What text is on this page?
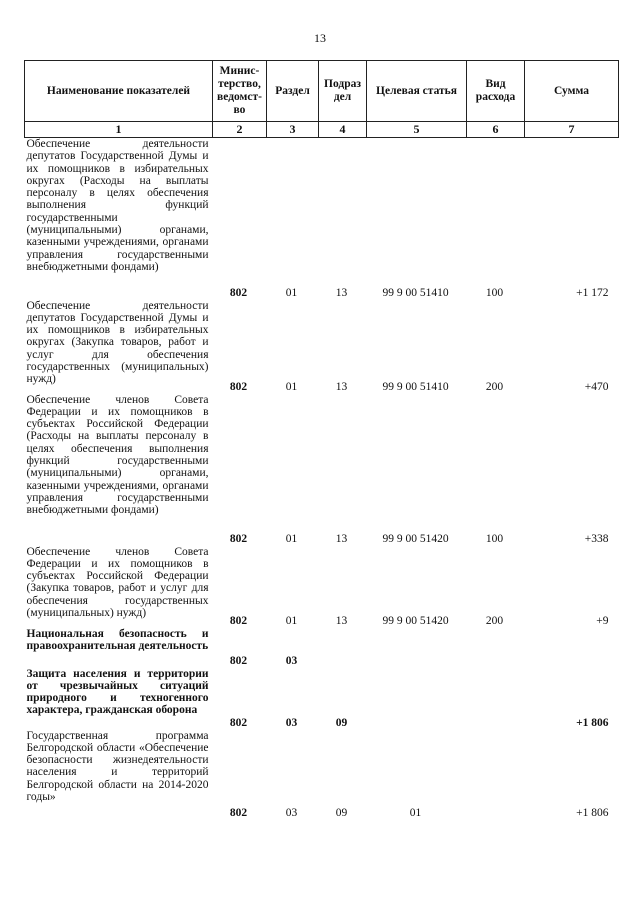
13
Наименование показателей	Минис-терство, ведомст-во	Раздел	Подраз дел	Целевая статья	Вид расхода	Сумма
1	2	3	4	5	6	7
Обеспечение деятельности депутатов Государственной Думы и их помощников в избирательных округах (Расходы на выплаты персоналу в целях обеспечения выполнения функций государственными (муниципальными) органами, казенными учреждениями, органами управления государственными внебюджетными фондами)	802	01	13	99 9 00 51410	100	+1 172
Обеспечение деятельности депутатов Государственной Думы и их помощников в избирательных округах (Закупка товаров, работ и услуг для обеспечения государственных (муниципальных) нужд)	802	01	13	99 9 00 51410	200	+470
Обеспечение членов Совета Федерации и их помощников в субъектах Российской Федерации (Расходы на выплаты персоналу в целях обеспечения выполнения функций государственными (муниципальными) органами, казенными учреждениями, органами управления государственными внебюджетными фондами)	802	01	13	99 9 00 51420	100	+338
Обеспечение членов Совета Федерации и их помощников в субъектах Российской Федерации (Закупка товаров, работ и услуг для обеспечения государственных (муниципальных) нужд)	802	01	13	99 9 00 51420	200	+9
Национальная безопасность и правоохранительная деятельность	802	03				
Защита населения и территории от чрезвычайных ситуаций природного и техногенного характера, гражданская оборона	802	03	09			+1 806
Государственная программа Белгородской области «Обеспечение безопасности жизнедеятельности населения и территорий Белгородской области на 2014-2020 годы»	802	03	09	01		+1 806
